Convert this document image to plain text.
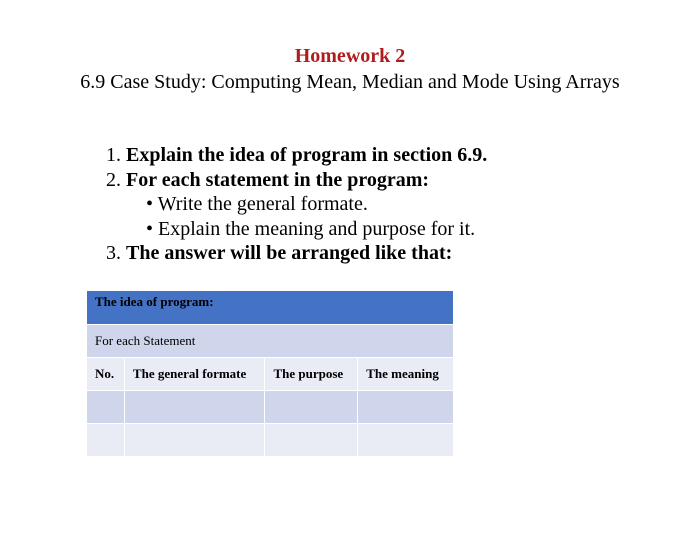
Homework 2
6.9 Case Study: Computing Mean, Median and Mode Using Arrays
1. Explain the idea of program in section 6.9.
2. For each statement in the program:
• Write the general formate.
• Explain the meaning and purpose for it.
3. The answer will be arranged like that:
The idea of program:			
For each Statement			
No.	The general formate	The purpose	The meaning
